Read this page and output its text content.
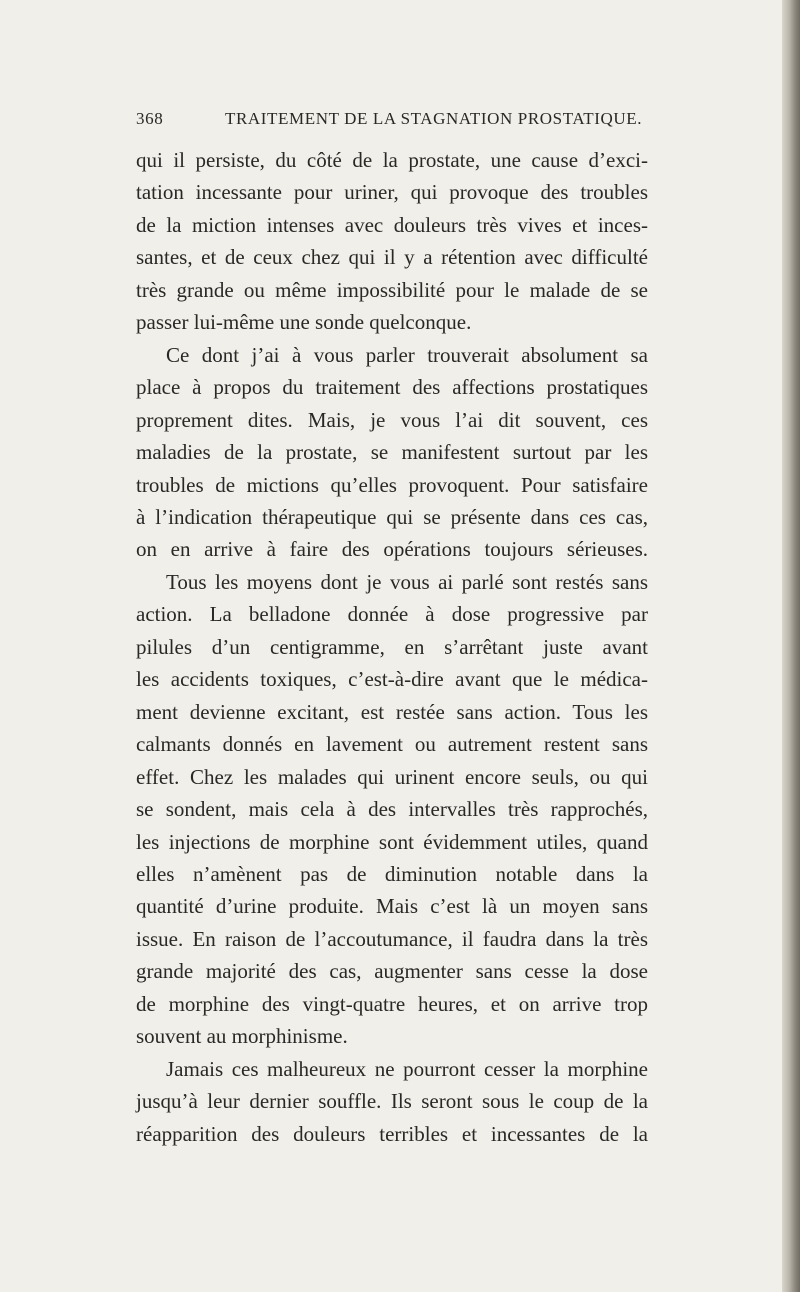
368	TRAITEMENT DE LA STAGNATION PROSTATIQUE.

qui il persiste, du côté de la prostate, une cause d’exci-

tation incessante pour uriner, qui provoque des troubles

de la miction intenses avec douleurs très vives et inces-

santes, et de ceux chez qui il y a rétention avec difficulté

très grande ou même impossibilité pour le malade de se

passer lui-même une sonde quelconque.

Ce dont j’ai à vous parler trouverait absolument sa

place à propos du traitement des affections prostatiques

proprement dites. Mais, je vous l’ai dit souvent, ces

maladies de la prostate, se manifestent surtout par les

troubles de mictions qu’elles provoquent. Pour satisfaire

à l’indication thérapeutique qui se présente dans ces cas,

on en arrive à faire des opérations toujours sérieuses.

Tous les moyens dont je vous ai parlé sont restés sans

action. La belladone donnée à dose progressive par

pilules d’un centigramme, en s’arrêtant juste avant

les accidents toxiques, c’est-à-dire avant que le médica-

ment devienne excitant, est restée sans action. Tous les

calmants donnés en lavement ou autrement restent sans

effet. Chez les malades qui urinent encore seuls, ou qui

se sondent, mais cela à des intervalles très rapprochés,

les injections de morphine sont évidemment utiles, quand

elles n’amènent pas de diminution notable dans la

quantité d’urine produite. Mais c’est là un moyen sans

issue. En raison de l’accoutumance, il faudra dans la très

grande majorité des cas, augmenter sans cesse la dose

de morphine des vingt-quatre heures, et on arrive trop

souvent au morphinisme.

Jamais ces malheureux ne pourront cesser la morphine

jusqu’à leur dernier souffle. Ils seront sous le coup de la

réapparition des douleurs terribles et incessantes de la
